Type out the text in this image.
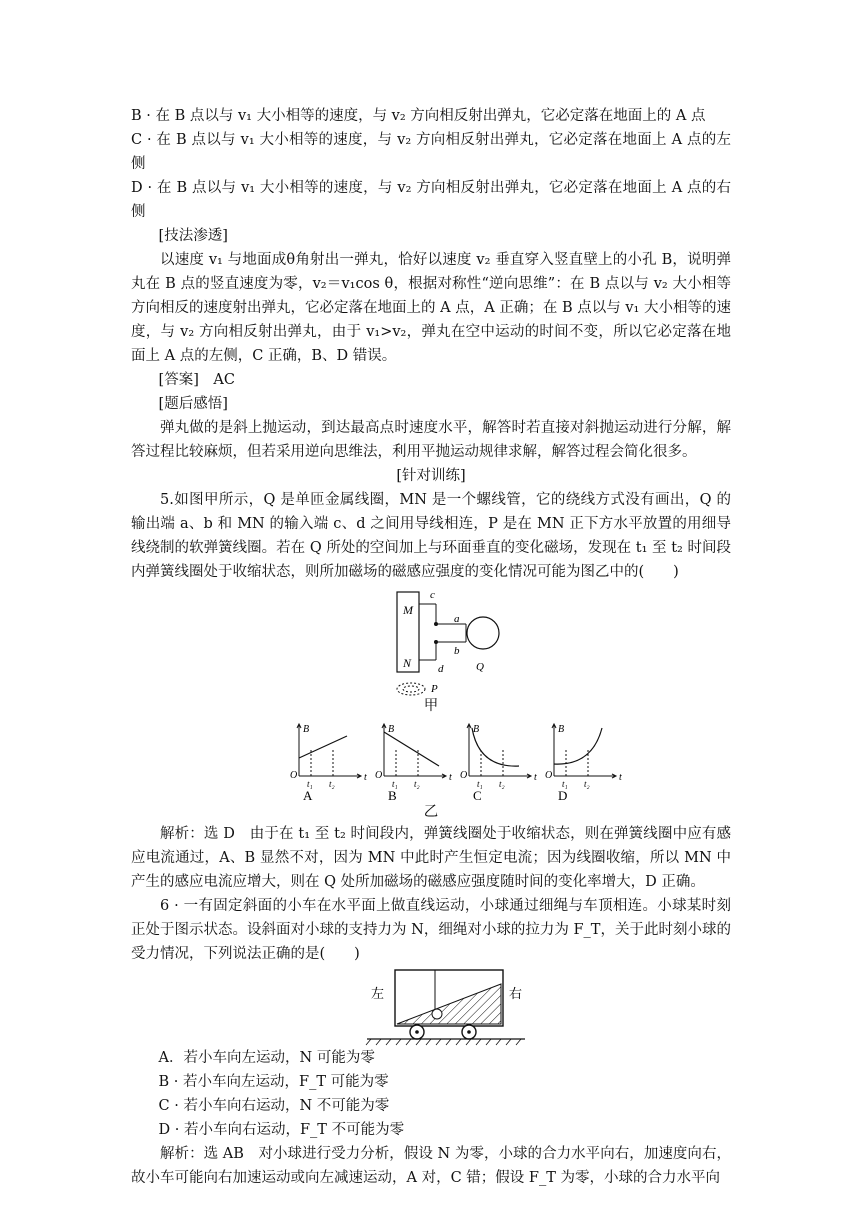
B · 在 B 点以与 v₁ 大小相等的速度，与 v₂ 方向相反射出弹丸，它必定落在地面上的 A 点

C · 在 B 点以与 v₁ 大小相等的速度，与 v₂ 方向相反射出弹丸，它必定落在地面上 A 点的左侧

D · 在 B 点以与 v₁ 大小相等的速度，与 v₂ 方向相反射出弹丸，它必定落在地面上 A 点的右侧

[技法渗透]

以速度 v₁ 与地面成θ角射出一弹丸，恰好以速度 v₂ 垂直穿入竖直壁上的小孔 B，说明弹丸在 B 点的竖直速度为零，v₂＝v₁cos θ，根据对称性“逆向思维”：在 B 点以与 v₂ 大小相等方向相反的速度射出弹丸，它必定落在地面上的 A 点，A 正确；在 B 点以与 v₁ 大小相等的速度，与 v₂ 方向相反射出弹丸，由于 v₁>v₂，弹丸在空中运动的时间不变，所以它必定落在地面上 A 点的左侧，C 正确，B、D 错误。

[答案]　AC

[题后感悟]

弹丸做的是斜上抛运动，到达最高点时速度水平，解答时若直接对斜抛运动进行分解，解答过程比较麻烦，但若采用逆向思维法，利用平抛运动规律求解，解答过程会简化很多。

[针对训练]

5.如图甲所示，Q 是单匝金属线圈，MN 是一个螺线管，它的绕线方式没有画出，Q 的输出端 a、b 和 MN 的输入端 c、d 之间用导线相连，P 是在 MN 正下方水平放置的用细导线绕制的软弹簧线圈。若在 Q 所处的空间加上与环面垂直的变化磁场，发现在 t₁ 至 t₂ 时间段内弹簧线圈处于收缩状态，则所加磁场的磁感应强度的变化情况可能为图乙中的(　　)

M
N
c
d
a
b
Q
P

甲

B
t
O
t₁ t₂
A
B
t
O
t₁ t₂
B
B
t
O
t₁ t₂
C
B
t
O
t₁ t₂
D

乙

解析：选 D　由于在 t₁ 至 t₂ 时间段内，弹簧线圈处于收缩状态，则在弹簧线圈中应有感应电流通过，A、B 显然不对，因为 MN 中此时产生恒定电流；因为线圈收缩，所以 MN 中产生的感应电流应增大，则在 Q 处所加磁场的磁感应强度随时间的变化率增大，D 正确。

6 · 一有固定斜面的小车在水平面上做直线运动，小球通过细绳与车顶相连。小球某时刻正处于图示状态。设斜面对小球的支持力为 N，细绳对小球的拉力为 F_T，关于此时刻小球的受力情况，下列说法正确的是(　　)

左	右

A．若小车向左运动，N 可能为零

B · 若小车向左运动，F_T 可能为零

C · 若小车向右运动，N 不可能为零

D · 若小车向右运动，F_T 不可能为零

解析：选 AB　对小球进行受力分析，假设 N 为零，小球的合力水平向右，加速度向右，故小车可能向右加速运动或向左减速运动，A 对，C 错；假设 F_T 为零，小球的合力水平向
